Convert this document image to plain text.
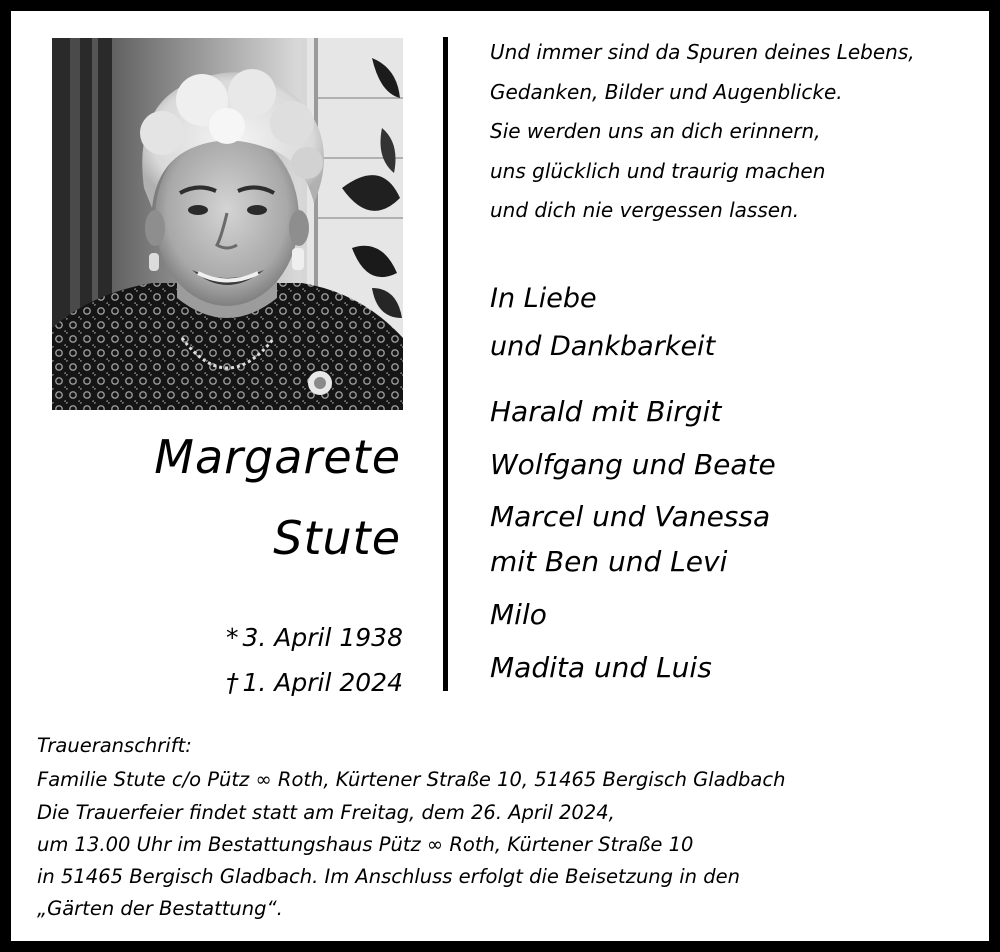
Margarete
Stute
* 3. April 1938
† 1. April 2024
Und immer sind da Spuren deines Lebens,
Gedanken, Bilder und Augenblicke.
Sie werden uns an dich erinnern,
uns glücklich und traurig machen
und dich nie vergessen lassen.
In Liebe
und Dankbarkeit
Harald mit Birgit
Wolfgang und Beate
Marcel und Vanessa
mit Ben und Levi
Milo
Madita und Luis
Traueranschrift:
Familie Stute c/o Pütz ∞ Roth, Kürtener Straße 10, 51465 Bergisch Gladbach
Die Trauerfeier findet statt am Freitag, dem 26. April 2024,
um 13.00 Uhr im Bestattungshaus Pütz ∞ Roth, Kürtener Straße 10
in 51465 Bergisch Gladbach. Im Anschluss erfolgt die Beisetzung in den
„Gärten der Bestattung“.
